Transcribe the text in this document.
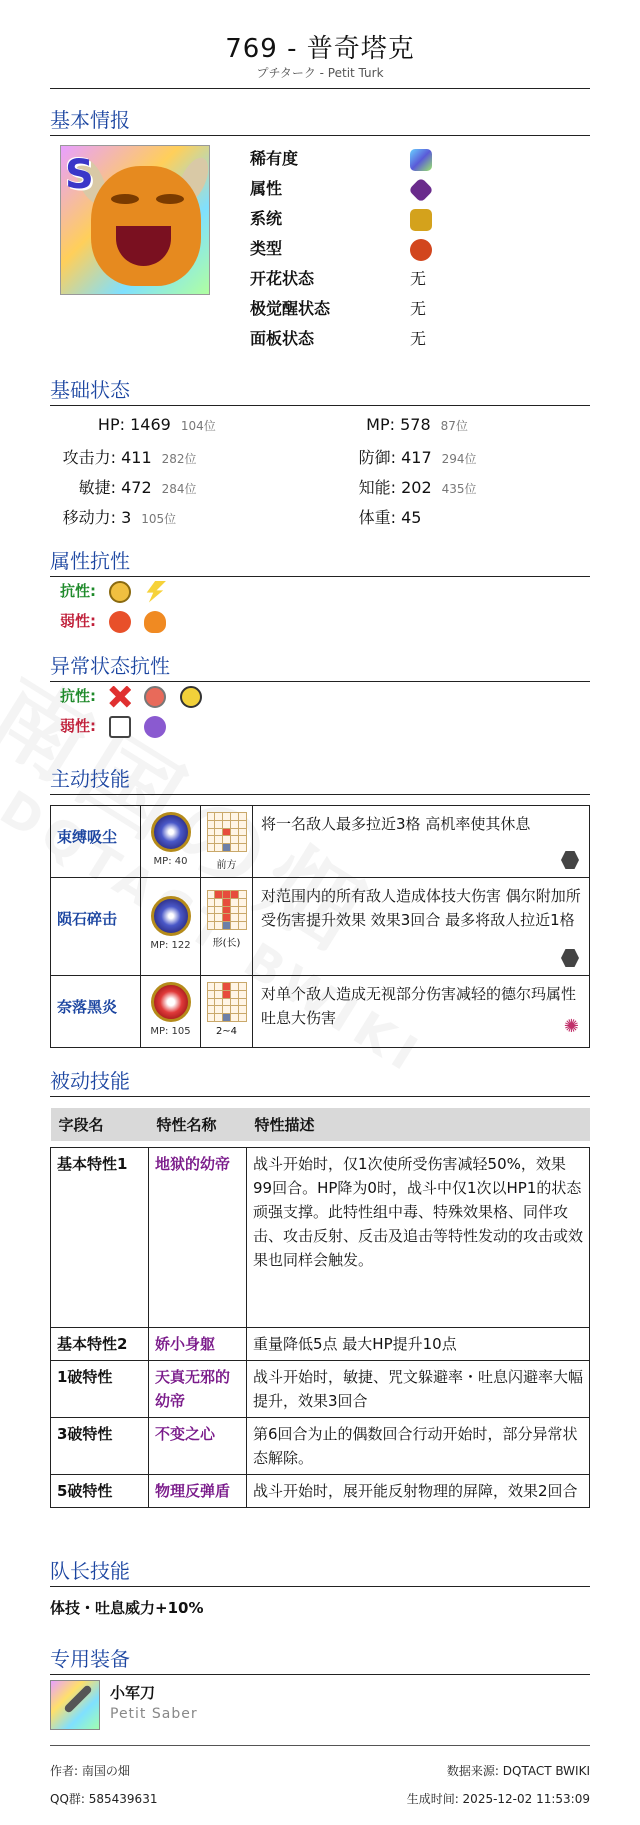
769 - 普奇塔克
プチターク - Petit Turk
基本情报
S	稀有度
属性
系统
类型
开花状态	无
极觉醒状态	无
面板状态	无
基础状态
HP: 1469 104位	MP: 578 87位
攻击力: 411 282位	防御: 417 294位
敏捷: 472 284位	知能: 202 435位
移动力: 3 105位	体重: 45
属性抗性
抗性:
弱性:
异常状态抗性
抗性:
弱性:
主动技能
束缚吸尘	MP: 40	前方	将一名敌人最多拉近3格 高机率使其休息

陨石碎击	MP: 122	形(长)	对范围内的所有敌人造成体技大伤害 偶尔附加所受伤害提升效果 效果3回合 最多将敌人拉近1格

奈落黑炎	MP: 105	2~4	对单个敌人造成无视部分伤害减轻的德尔玛属性吐息大伤害 ✺
被动技能
字段名	特性名称	特性描述

基本特性1	地狱的幼帝	战斗开始时，仅1次使所受伤害减轻50%，效果99回合。HP降为0时，战斗中仅1次以HP1的状态顽强支撑。此特性组中毒、特殊效果格、同伴攻击、攻击反射、反击及追击等特性发动的攻击或效果也同样会触发。
基本特性2	娇小身躯	重量降低5点 最大HP提升10点
1破特性	天真无邪的幼帝	战斗开始时，敏捷、咒文躲避率・吐息闪避率大幅提升，效果3回合
3破特性	不变之心	第6回合为止的偶数回合行动开始时，部分异常状态解除。
5破特性	物理反弹盾	战斗开始时，展开能反射物理的屏障，效果2回合
队长技能
体技・吐息威力+10%
专用装备
小军刀
Petit Saber
作者: 南国の畑
QQ群: 585439631
数据来源: DQTACT BWIKI
生成时间: 2025-12-02 11:53:09
